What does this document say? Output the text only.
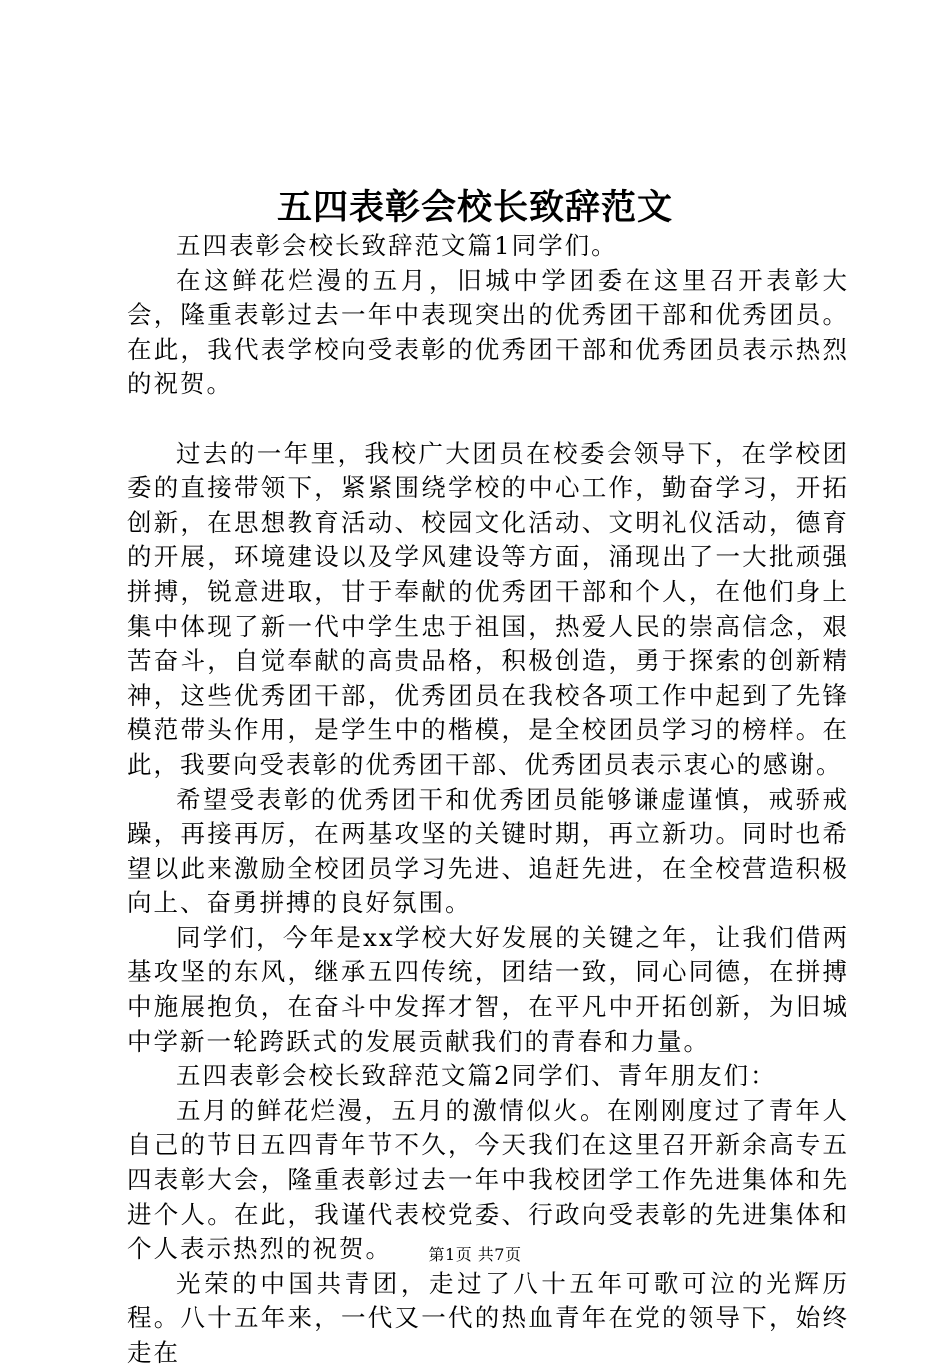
五四表彰会校长致辞范文

五四表彰会校长致辞范文篇1同学们。

在这鲜花烂漫的五月，旧城中学团委在这里召开表彰大会，隆重表彰过去一年中表现突出的优秀团干部和优秀团员。在此，我代表学校向受表彰的优秀团干部和优秀团员表示热烈的祝贺。

过去的一年里，我校广大团员在校委会领导下，在学校团委的直接带领下，紧紧围绕学校的中心工作，勤奋学习，开拓创新，在思想教育活动、校园文化活动、文明礼仪活动，德育的开展，环境建设以及学风建设等方面，涌现出了一大批顽强拼搏，锐意进取，甘于奉献的优秀团干部和个人，在他们身上集中体现了新一代中学生忠于祖国，热爱人民的崇高信念，艰苦奋斗，自觉奉献的高贵品格，积极创造，勇于探索的创新精神，这些优秀团干部，优秀团员在我校各项工作中起到了先锋模范带头作用，是学生中的楷模，是全校团员学习的榜样。在此，我要向受表彰的优秀团干部、优秀团员表示衷心的感谢。

希望受表彰的优秀团干和优秀团员能够谦虚谨慎，戒骄戒躁，再接再厉，在两基攻坚的关键时期，再立新功。同时也希望以此来激励全校团员学习先进、追赶先进，在全校营造积极向上、奋勇拼搏的良好氛围。

同学们，今年是xx学校大好发展的关键之年，让我们借两基攻坚的东风，继承五四传统，团结一致，同心同德，在拼搏中施展抱负，在奋斗中发挥才智，在平凡中开拓创新，为旧城中学新一轮跨跃式的发展贡献我们的青春和力量。

五四表彰会校长致辞范文篇2同学们、青年朋友们：

五月的鲜花烂漫，五月的激情似火。在刚刚度过了青年人自己的节日五四青年节不久，今天我们在这里召开新余高专五四表彰大会，隆重表彰过去一年中我校团学工作先进集体和先进个人。在此，我谨代表校党委、行政向受表彰的先进集体和个人表示热烈的祝贺。

光荣的中国共青团，走过了八十五年可歌可泣的光辉历程。八十五年来，一代又一代的热血青年在党的领导下，始终走在

第1页 共7页
